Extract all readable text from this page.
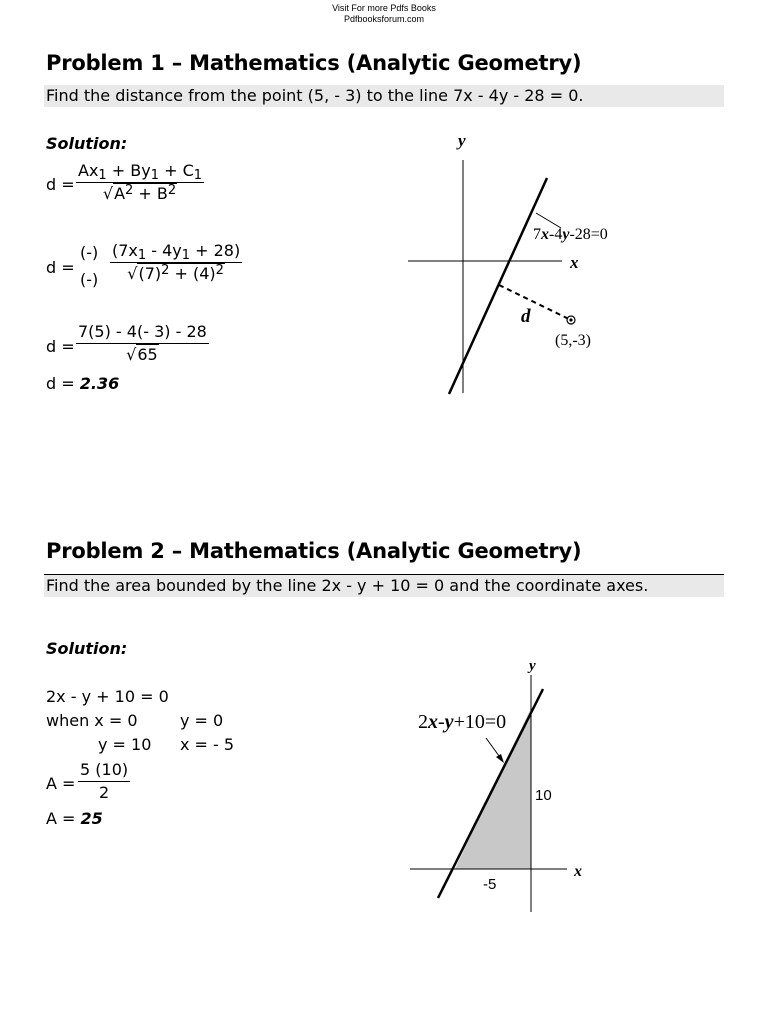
Visit For more Pdfs Books
Pdfbooksforum.com
Problem 1 – Mathematics (Analytic Geometry)
Find the distance from the point (5, - 3) to the line 7x - 4y - 28 = 0.
Solution:
$d = \frac{Ax_1 + By_1 + C_1}{√A^2 + B^2}$
d =
(-)
(-) $\frac{(7x_1 - 4y_1 + 28)}{√(7)^2 + (4)^2}$
$d = \frac{7(5) - 4(- 3) - 28}{√65}$
d = 2.36
y
x
7x-4y-28=0
d
(5,-3)
Problem 2 – Mathematics (Analytic Geometry)
Find the area bounded by the line 2x - y + 10 = 0 and the coordinate axes.
Solution:
2x - y + 10 = 0
when x = 0	y = 0
y = 10 x = - 5
$A = \frac{5 (10)}{2}$
A = 25
y
x
2x-y+10=0
10
-5
